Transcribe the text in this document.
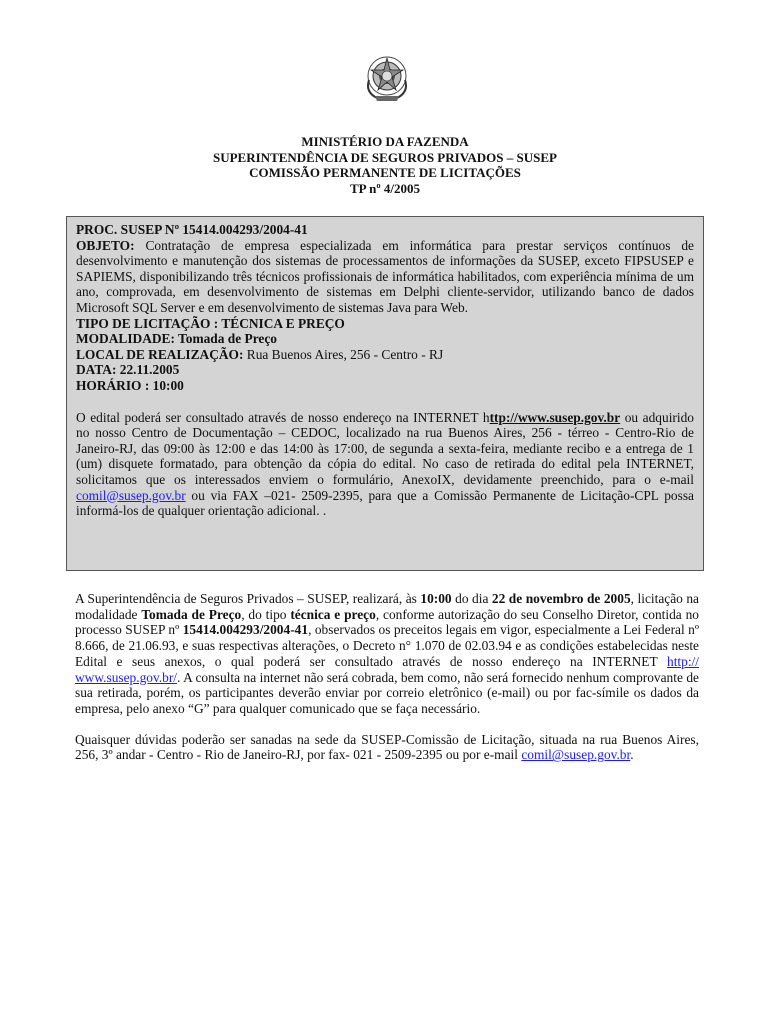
MINISTÉRIO DA FAZENDA
SUPERINTENDÊNCIA DE SEGUROS PRIVADOS – SUSEP
COMISSÃO PERMANENTE DE LICITAÇÕES
TP nº 4/2005

PROC. SUSEP Nº 15414.004293/2004-41

OBJETO: Contratação de empresa especializada em informática para prestar serviços contínuos de desenvolvimento e manutenção dos sistemas de processamentos de informações da SUSEP, exceto FIPSUSEP e SAPIEMS, disponibilizando três técnicos profissionais de informática habilitados, com experiência mínima de um ano, comprovada, em desenvolvimento de sistemas em Delphi cliente-servidor, utilizando banco de dados Microsoft SQL Server e em desenvolvimento de sistemas Java para Web.

TIPO DE LICITAÇÃO : TÉCNICA E PREÇO

MODALIDADE: Tomada de Preço

LOCAL DE REALIZAÇÃO: Rua Buenos Aires, 256 - Centro - RJ

DATA: 22.11.2005

HORÁRIO : 10:00

O edital poderá ser consultado através de nosso endereço na INTERNET http://www.susep.gov.br ou adquirido no nosso Centro de Documentação – CEDOC, localizado na rua Buenos Aires, 256 - térreo - Centro-Rio de Janeiro-RJ, das 09:00 às 12:00 e das 14:00 às 17:00, de segunda a sexta-feira, mediante recibo e a entrega de 1 (um) disquete formatado, para obtenção da cópia do edital. No caso de retirada do edital pela INTERNET, solicitamos que os interessados enviem o formulário, AnexoIX, devidamente preenchido, para o e-mail comil@susep.gov.br ou via FAX –021- 2509-2395, para que a Comissão Permanente de Licitação-CPL possa informá-los de qualquer orientação adicional. .

A Superintendência de Seguros Privados – SUSEP, realizará, às 10:00 do dia 22 de novembro de 2005, licitação na modalidade Tomada de Preço, do tipo técnica e preço, conforme autorização do seu Conselho Diretor, contida no processo SUSEP nº 15414.004293/2004-41, observados os preceitos legais em vigor, especialmente a Lei Federal nº 8.666, de 21.06.93, e suas respectivas alterações, o Decreto n° 1.070 de 02.03.94 e as condições estabelecidas neste Edital e seus anexos, o qual poderá ser consultado através de nosso endereço na INTERNET http:// www.susep.gov.br/. A consulta na internet não será cobrada, bem como, não será fornecido nenhum comprovante de sua retirada, porém, os participantes deverão enviar por correio eletrônico (e-mail) ou por fac-símile os dados da empresa, pelo anexo “G” para qualquer comunicado que se faça necessário.

Quaisquer dúvidas poderão ser sanadas na sede da SUSEP-Comissão de Licitação, situada na rua Buenos Aires, 256, 3º andar - Centro - Rio de Janeiro-RJ, por fax- 021 - 2509-2395 ou por e-mail comil@susep.gov.br.
